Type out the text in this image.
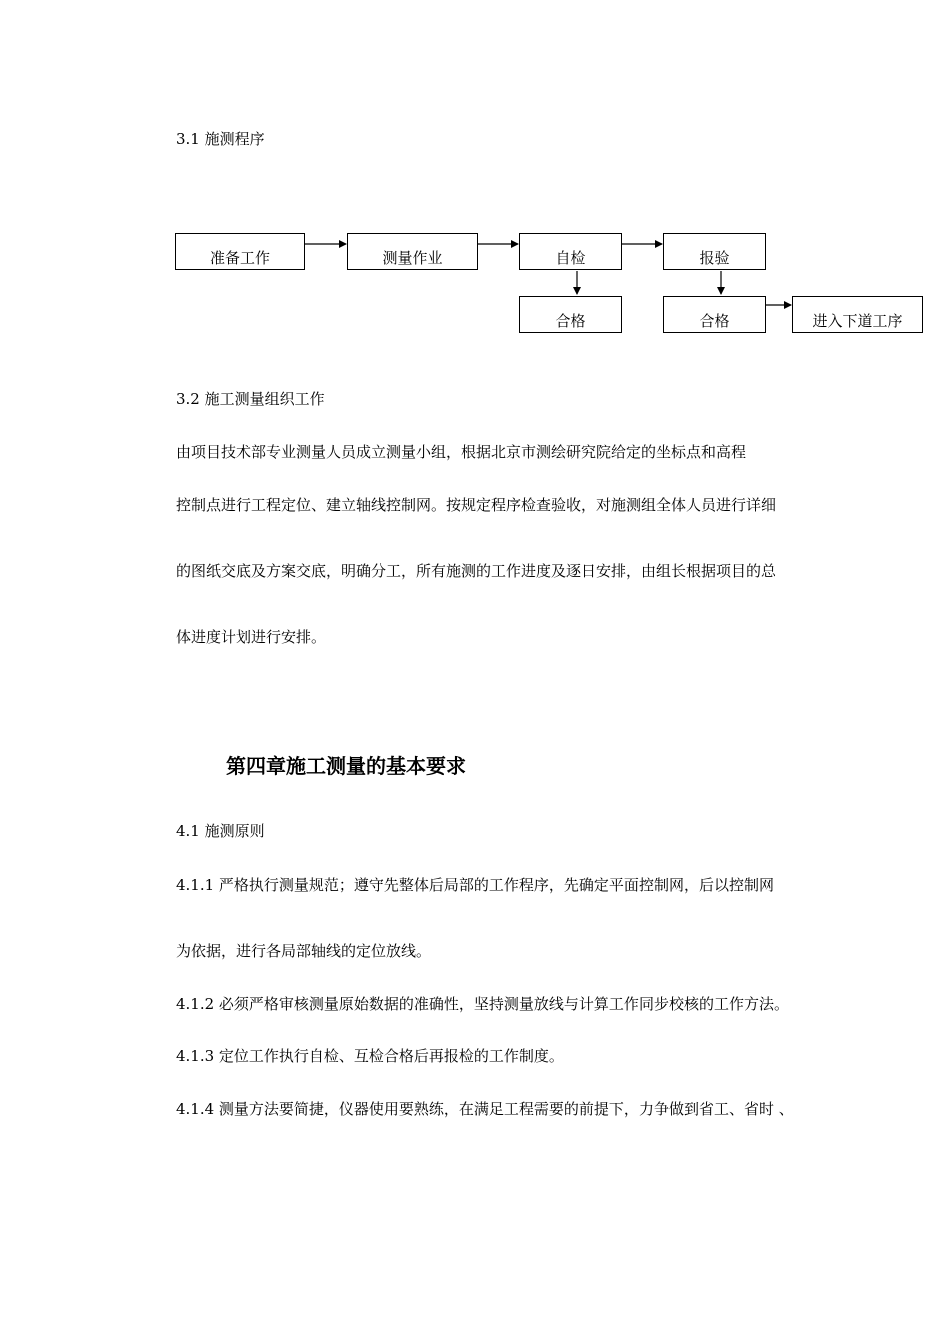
3.1 施测程序
准备工作	测量作业	自检	报验
合格	合格	进入下道工序
3.2 施工测量组织工作
由项目技术部专业测量人员成立测量小组，根据北京市测绘研究院给定的坐标点和高程
控制点进行工程定位、建立轴线控制网。按规定程序检查验收，对施测组全体人员进行详细
的图纸交底及方案交底，明确分工，所有施测的工作进度及逐日安排，由组长根据项目的总
体进度计划进行安排。
第四章施工测量的基本要求
4.1 施测原则
4.1.1 严格执行测量规范；遵守先整体后局部的工作程序，先确定平面控制网，后以控制网
为依据，进行各局部轴线的定位放线。
4.1.2 必须严格审核测量原始数据的准确性，坚持测量放线与计算工作同步校核的工作方法。
4.1.3 定位工作执行自检、互检合格后再报检的工作制度。
4.1.4 测量方法要简捷，仪器使用要熟练，在满足工程需要的前提下，力争做到省工、省时 、
